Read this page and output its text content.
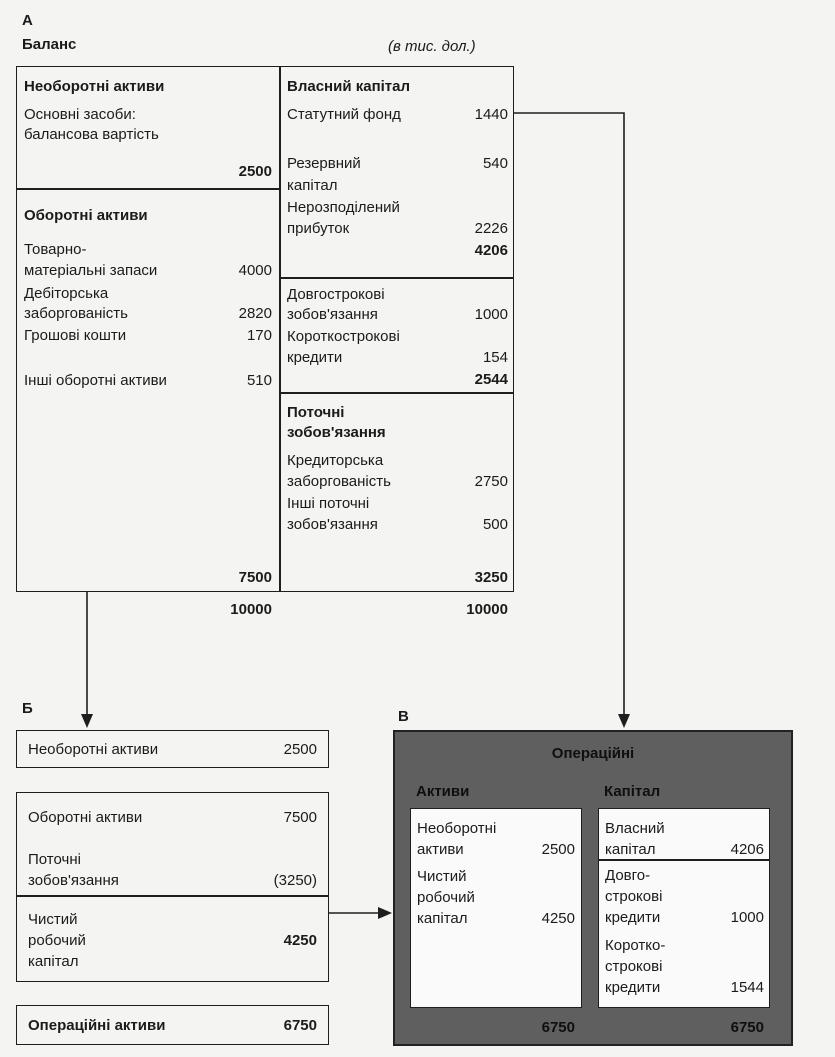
А
Баланс	(в тис. дол.)
Необоротні активи
Основні засоби:
балансова вартість
2500
Оборотні активи
Товарно-
матеріальні запаси	4000
Дебіторська
заборгованість	2820
Грошові кошти	170
Інші оборотні активи	510
7500
Власний капітал
Статутний фонд	1440
Резервний	540
капітал
Нерозподілений
прибуток	2226
4206
Довгострокові
зобов'язання	1000
Короткострокові
кредити	154
2544
Поточні
зобов'язання
Кредиторська
заборгованість	2750
Інші поточні
зобов'язання	500
3250
10000	10000
Б
Необоротні активи	2500
Оборотні активи	7500
Поточні
зобов'язання	(3250)
Чистий
робочий
капітал
4250
Операційні активи	6750
В
Операційні
Активи	Капітал
Необоротні
активи	2500
Чистий
робочий
капітал	4250
Власний
капітал	4206
Довго-
строкові
кредити	1000
Коротко-
строкові
кредити	1544
6750	6750
